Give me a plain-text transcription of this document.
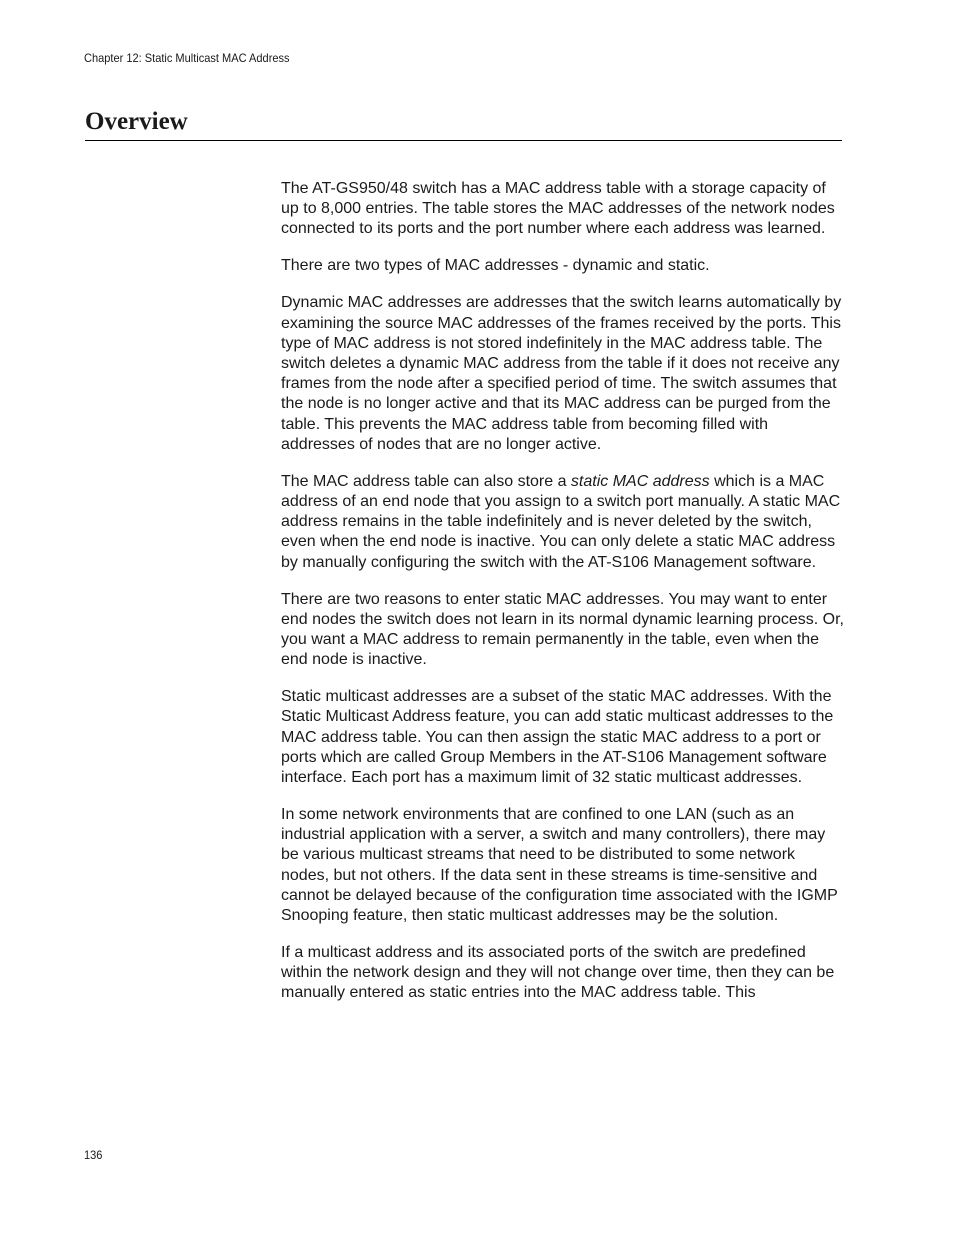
Chapter 12: Static Multicast MAC Address
Overview

The AT-GS950/48 switch has a MAC address table with a storage capacity of up to 8,000 entries. The table stores the MAC addresses of the network nodes connected to its ports and the port number where each address was learned.

There are two types of MAC addresses - dynamic and static.

Dynamic MAC addresses are addresses that the switch learns automatically by examining the source MAC addresses of the frames received by the ports. This type of MAC address is not stored indefinitely in the MAC address table. The switch deletes a dynamic MAC address from the table if it does not receive any frames from the node after a specified period of time. The switch assumes that the node is no longer active and that its MAC address can be purged from the table. This prevents the MAC address table from becoming filled with addresses of nodes that are no longer active.

The MAC address table can also store a static MAC address which is a MAC address of an end node that you assign to a switch port manually. A static MAC address remains in the table indefinitely and is never deleted by the switch, even when the end node is inactive. You can only delete a static MAC address by manually configuring the switch with the AT-S106 Management software.

There are two reasons to enter static MAC addresses. You may want to enter end nodes the switch does not learn in its normal dynamic learning process. Or, you want a MAC address to remain permanently in the table, even when the end node is inactive.

Static multicast addresses are a subset of the static MAC addresses. With the Static Multicast Address feature, you can add static multicast addresses to the MAC address table. You can then assign the static MAC address to a port or ports which are called Group Members in the AT-S106 Management software interface. Each port has a maximum limit of 32 static multicast addresses.

In some network environments that are confined to one LAN (such as an industrial application with a server, a switch and many controllers), there may be various multicast streams that need to be distributed to some network nodes, but not others. If the data sent in these streams is time-sensitive and cannot be delayed because of the configuration time associated with the IGMP Snooping feature, then static multicast addresses may be the solution.

If a multicast address and its associated ports of the switch are predefined within the network design and they will not change over time, then they can be manually entered as static entries into the MAC address table. This

136
